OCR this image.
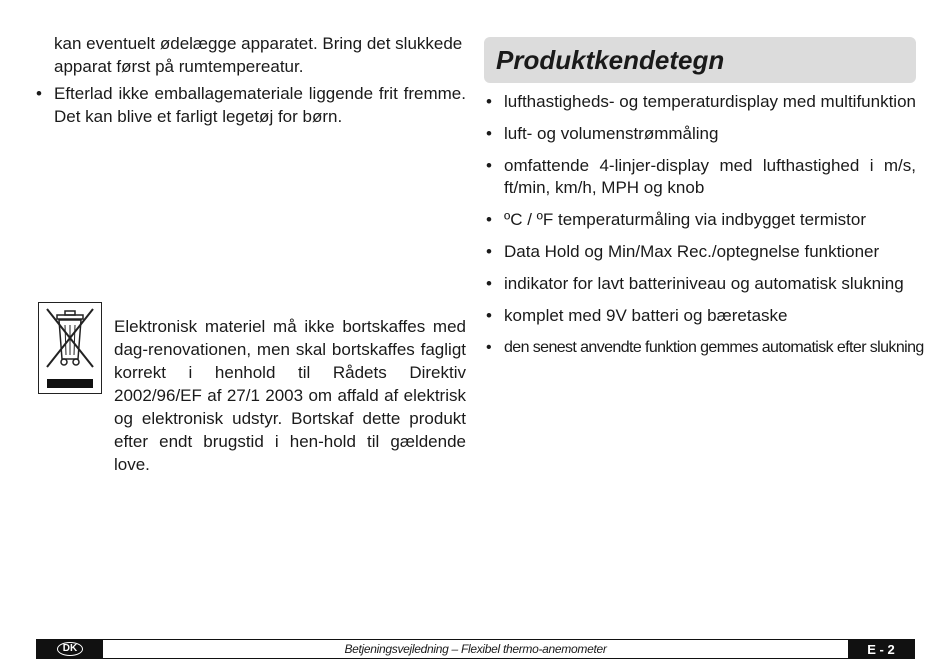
kan eventuelt ødelægge apparatet. Bring det slukkede apparat først på rumtempereatur.

• Efterlad ikke emballagemateriale liggende frit fremme. Det kan blive et farligt legetøj for børn.

Elektronisk materiel må ikke bortskaffes med dag-renovationen, men skal bortskaffes fagligt korrekt i henhold til Rådets Direktiv 2002/96/EF af 27/1 2003 om affald af elektrisk og elektronisk udstyr. Bortskaf dette produkt efter endt brugstid i hen-hold til gældende love.

Produktkendetegn
• lufthastigheds- og temperaturdisplay med multifunktion
• luft- og volumenstrømmåling
• omfattende 4-linjer-display med lufthastighed i m/s, ft/min, km/h, MPH og knob
• ºC / ºF temperaturmåling via indbygget termistor
• Data Hold og Min/Max Rec./optegnelse funktioner
• indikator for lavt batteriniveau og automatisk slukning
• komplet med 9V batteri og bæretaske
• den senest anvendte funktion gemmes automatisk efter slukning
DK	Betjeningsvejledning – Flexibel thermo-anemometer	E - 2
